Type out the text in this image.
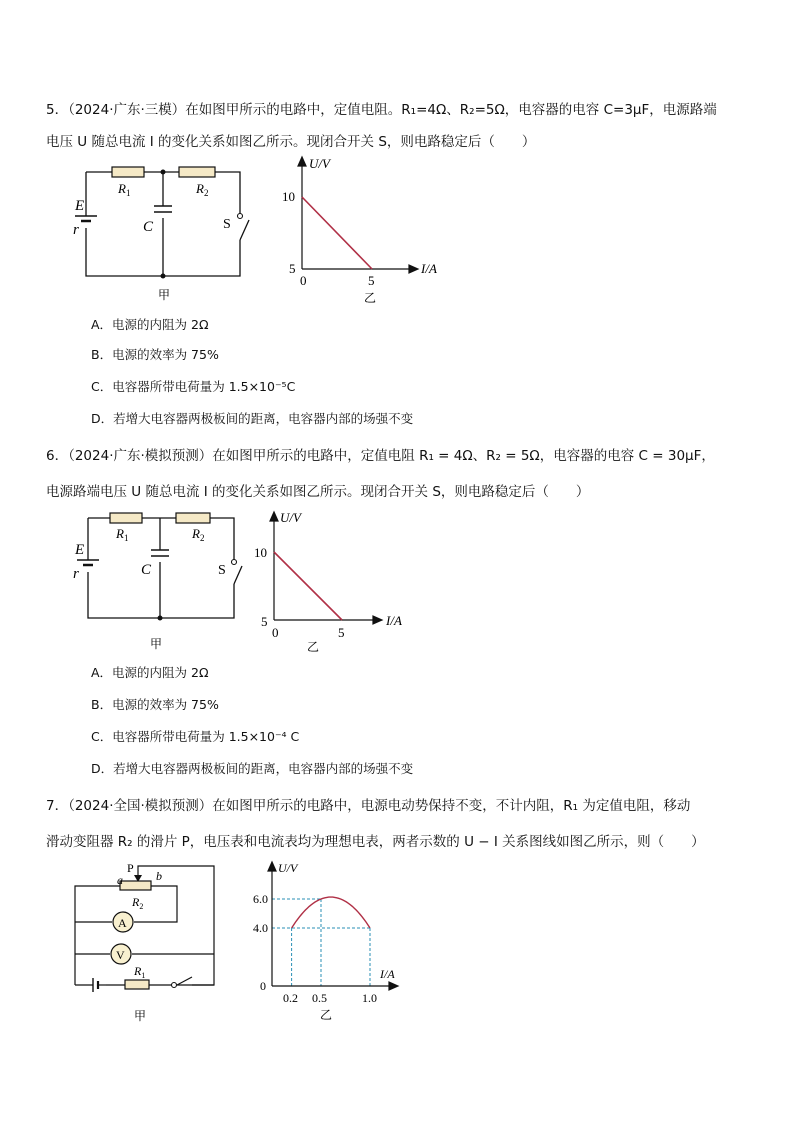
5．（2024·广东·三模）在如图甲所示的电路中，定值电阻。R₁=4Ω、R₂=5Ω，电容器的电容 C=3μF，电源路端
电压 U 随总电流 I 的变化关系如图乙所示。现闭合开关 S，则电路稳定后（　　）
E
r
$R_1$	$R_2$
C	S
甲
U/V
I/A
10
5
0	5
乙
A．电源的内阻为 2Ω
B．电源的效率为 75%
C．电容器所带电荷量为 1.5×10⁻⁵C
D．若增大电容器两极板间的距离，电容器内部的场强不变
6．（2024·广东·模拟预测）在如图甲所示的电路中，定值电阻 R₁ = 4Ω、R₂ = 5Ω，电容器的电容 C = 30μF，
电源路端电压 U 随总电流 I 的变化关系如图乙所示。现闭合开关 S，则电路稳定后（　　）
E
r
$R_1$	$R_2$
C	S
甲
U/V
I/A
10
5
0	5
乙
A．电源的内阻为 2Ω
B．电源的效率为 75%
C．电容器所带电荷量为 1.5×10⁻⁴ C
D．若增大电容器两极板间的距离，电容器内部的场强不变
7．（2024·全国·模拟预测）在如图甲所示的电路中，电源电动势保持不变，不计内阻，R₁ 为定值电阻，移动
滑动变阻器 R₂ 的滑片 P，电压表和电流表均为理想电表，两者示数的 U − I 关系图线如图乙所示，则（　　）
A
V
P
a	b
$R_2$
$R_1$
甲
U/V
I/A
6.0
4.0
0
0.2 0.5	1.0
乙
